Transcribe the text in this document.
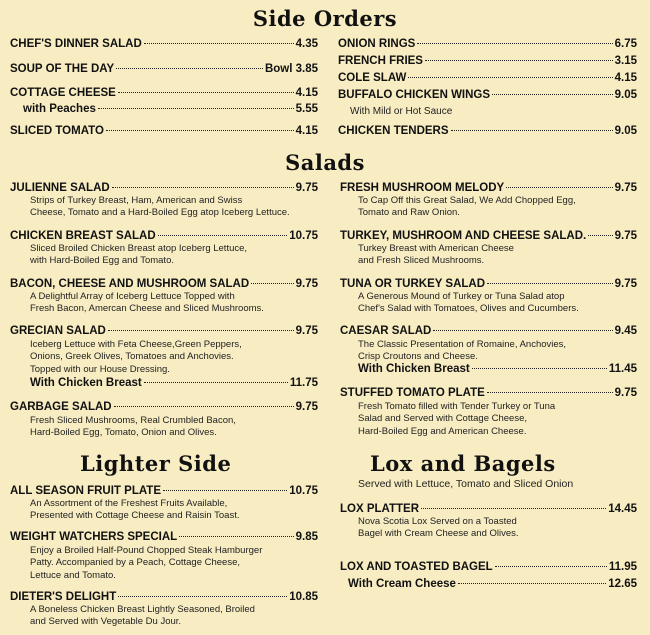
Side Orders
CHEF'S DINNER SALAD	4.35
SOUP OF THE DAY	Bowl 3.85
COTTAGE CHEESE	4.15
with Peaches	5.55
SLICED TOMATO	4.15
ONION RINGS	6.75
FRENCH FRIES	3.15
COLE SLAW	4.15
BUFFALO CHICKEN WINGS	9.05
With Mild or Hot Sauce
CHICKEN TENDERS	9.05
Salads
JULIENNE SALAD	9.75
Strips of Turkey Breast, Ham, American and Swiss
Cheese, Tomato and a Hard-Boiled Egg atop Iceberg Lettuce.
CHICKEN BREAST SALAD	10.75
Sliced Broiled Chicken Breast atop Iceberg Lettuce,
with Hard-Boiled Egg and Tomato.
BACON, CHEESE AND MUSHROOM SALAD	9.75
A Delightful Array of Iceberg Lettuce Topped with
Fresh Bacon, Amercan Cheese and Sliced Mushrooms.
GRECIAN SALAD	9.75
Iceberg Lettuce with Feta Cheese,Green Peppers,
Onions, Greek Olives, Tomatoes and Anchovies.
Topped with our House Dressing.
With Chicken Breast	11.75
GARBAGE SALAD	9.75
Fresh Sliced Mushrooms, Real Crumbled Bacon,
Hard-Boiled Egg, Tomato, Onion and Olives.
FRESH MUSHROOM MELODY	9.75
To Cap Off this Great Salad, We Add Chopped Egg,
Tomato and Raw Onion.
TURKEY, MUSHROOM AND CHEESE SALAD. 9.75
Turkey Breast with American Cheese
and Fresh Sliced Mushrooms.
TUNA OR TURKEY SALAD	9.75
A Generous Mound of Turkey or Tuna Salad atop
Chef's Salad with Tomatoes, Olives and Cucumbers.
CAESAR SALAD	9.45
The Classic Presentation of Romaine, Anchovies,
Crisp Croutons and Cheese.
With Chicken Breast	11.45
STUFFED TOMATO PLATE	9.75
Fresh Tomato filled with Tender Turkey or Tuna
Salad and Served with Cottage Cheese,
Hard-Boiled Egg and American Cheese.
Lighter Side
ALL SEASON FRUIT PLATE	10.75
An Assortment of the Freshest Fruits Available,
Presented with Cottage Cheese and Raisin Toast.
WEIGHT WATCHERS SPECIAL	9.85
Enjoy a Broiled Half-Pound Chopped Steak Hamburger
Patty. Accompanied by a Peach, Cottage Cheese,
Lettuce and Tomato.
DIETER'S DELIGHT	10.85
A Boneless Chicken Breast Lightly Seasoned, Broiled
and Served with Vegetable Du Jour.
Lox and Bagels
Served with Lettuce, Tomato and Sliced Onion
LOX PLATTER	14.45
Nova Scotia Lox Served on a Toasted
Bagel with Cream Cheese and Olives.
LOX AND TOASTED BAGEL	11.95
With Cream Cheese	12.65
